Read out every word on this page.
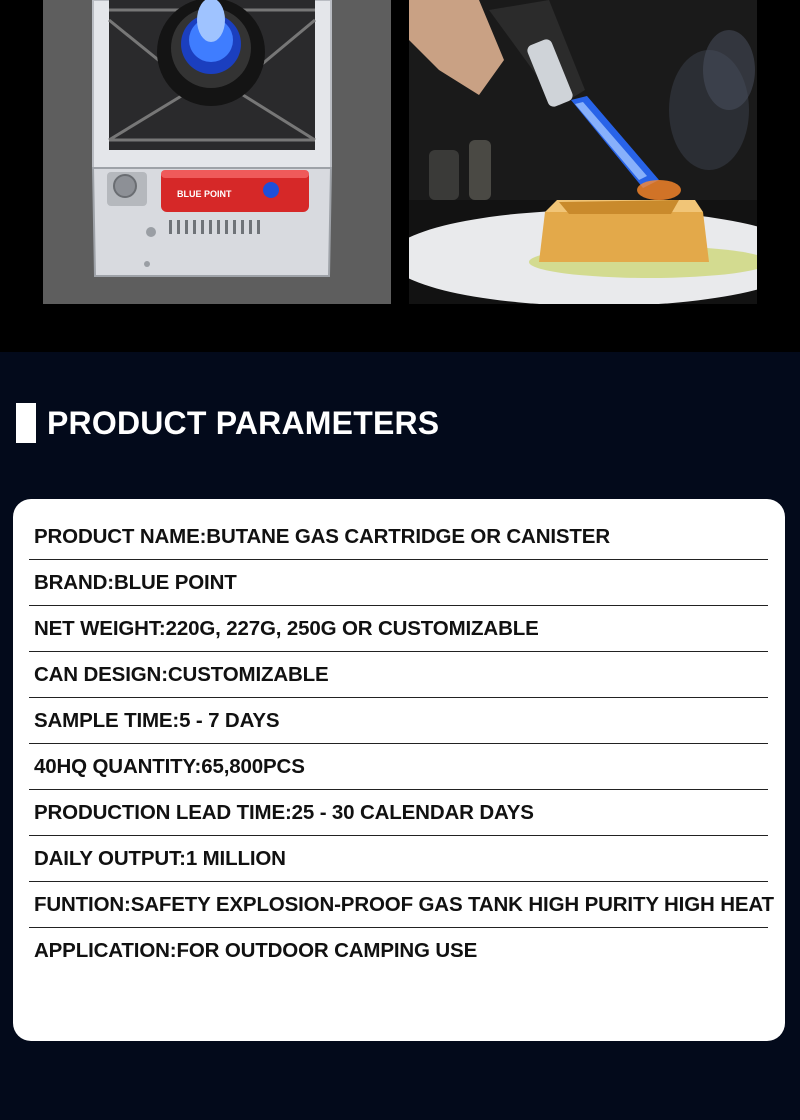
BLUE POINT
PRODUCT PARAMETERS
PRODUCT NAME:BUTANE GAS CARTRIDGE OR CANISTER
BRAND:BLUE POINT
NET WEIGHT:220G, 227G, 250G OR CUSTOMIZABLE
CAN DESIGN:CUSTOMIZABLE
SAMPLE TIME:5 - 7 DAYS
40HQ QUANTITY:65,800PCS
PRODUCTION LEAD TIME:25 - 30 CALENDAR DAYS
DAILY OUTPUT:1 MILLION
FUNTION:SAFETY EXPLOSION-PROOF GAS TANK HIGH PURITY HIGH HEAT
APPLICATION:FOR OUTDOOR CAMPING USE
